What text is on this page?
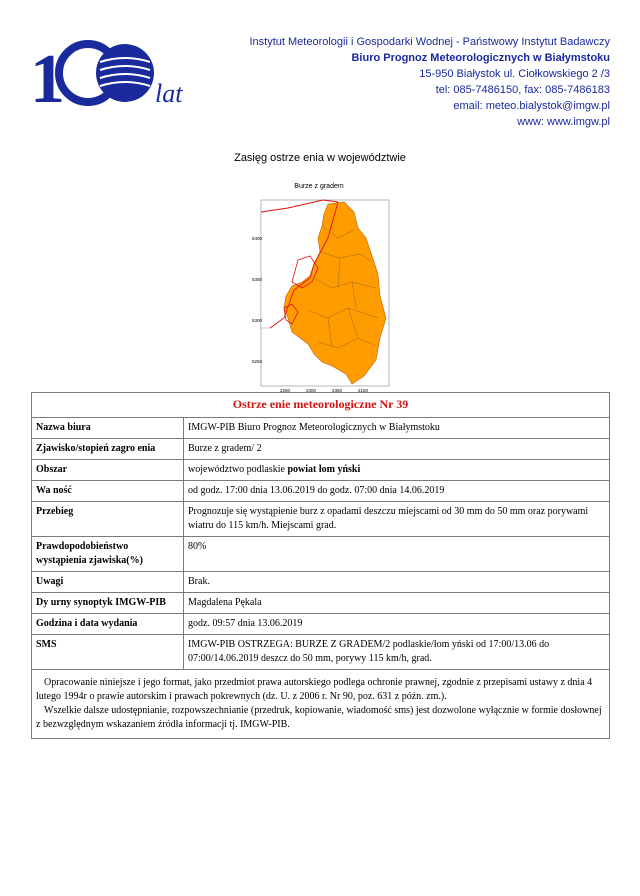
1	lat
Instytut Meteorologii i Gospodarki Wodnej - Państwowy Instytut Badawczy
Biuro Prognoz Meteorologicznych w Białymstoku
15-950 Białystok ul. Ciołkowskiego 2 /3
tel: 085-7486150, fax: 085-7486183
email: meteo.bialystok@imgw.pl
www: www.imgw.pl
Zasięg ostrze enia w województwie
Burze z gradem
5400
5350
5300
5250
2250	2300	2350	2150
Ostrze enie meteorologiczne Nr 39	
Nazwa biura	IMGW-PIB Biuro Prognoz Meteorologicznych w Białymstoku
Zjawisko/stopień zagro enia	Burze z gradem/ 2
Obszar	województwo podlaskie powiat łom yński
Wa ność	od godz. 17:00 dnia 13.06.2019 do godz. 07:00 dnia 14.06.2019
Przebieg	Prognozuje się wystąpienie burz z opadami deszczu miejscami od 30 mm do 50 mm oraz porywami wiatru do 115 km/h. Miejscami grad.
Prawdopodobieństwo wystąpienia zjawiska(%)	80%
Uwagi	Brak.
Dy urny synoptyk IMGW-PIB	Magdalena Pękala
Godzina i data wydania	godz. 09:57 dnia 13.06.2019
SMS	IMGW-PIB OSTRZEGA: BURZE Z GRADEM/2 podlaskie/łom yński od 17:00/13.06 do 07:00/14.06.2019 deszcz do 50 mm, porywy 115 km/h, grad.

Opracowanie niniejsze i jego format, jako przedmiot prawa autorskiego podlega ochronie prawnej, zgodnie z przepisami ustawy z dnia 4 lutego 1994r o prawie autorskim i prawach pokrewnych (dz. U. z 2006 r. Nr 90, poz. 631 z późn. zm.).

Wszelkie dalsze udostępnianie, rozpowszechnianie (przedruk, kopiowanie, wiadomość sms) jest dozwolone wyłącznie w formie dosłownej z bezwzględnym wskazaniem źródła informacji tj. IMGW-PIB.	
